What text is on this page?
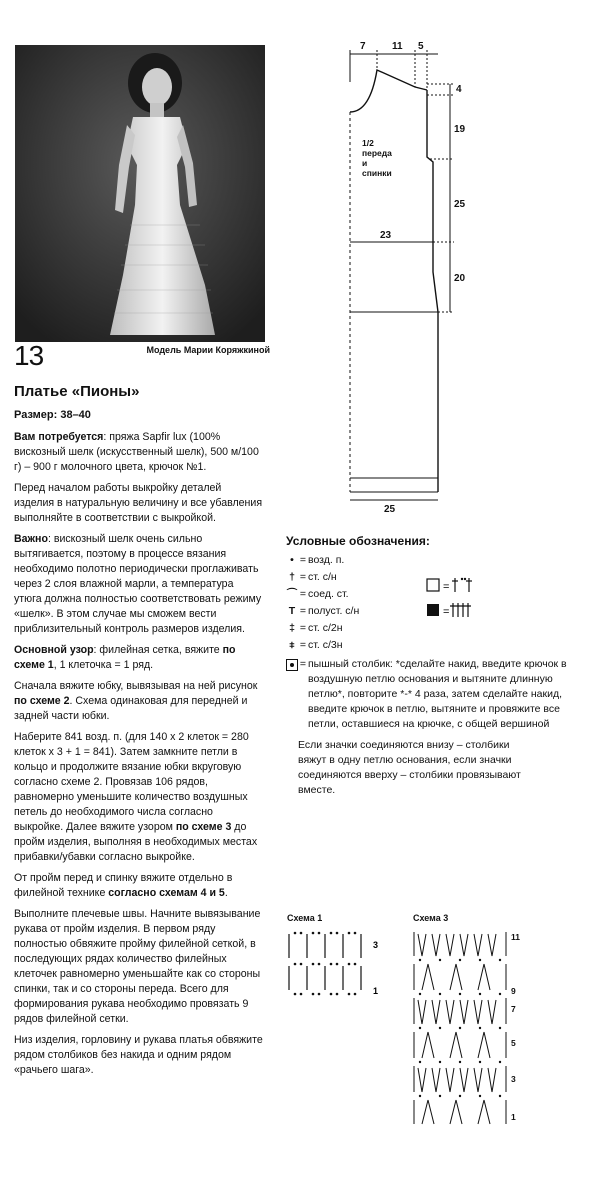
Модель Марии Коряжкиной
13
Платье «Пионы»
Размер: 38–40

Вам потребуется: пряжа Sapfir lux (100% вискозный шелк (искусственный шелк), 500 м/100 г) – 900 г молочного цвета, крючок №1.

Перед началом работы выкройку деталей изделия в натуральную величину и все убавления выполняйте в соответствии с выкройкой.

Важно: вискозный шелк очень сильно вытягивается, поэтому в процессе вязания необходимо полотно периодически проглаживать через 2 слоя влажной марли, а температура утюга должна полностью соответствовать режиму «шелк». В этом случае мы сможем вести приблизительный контроль размеров изделия.

Основной узор: филейная сетка, вяжите по схеме 1, 1 клеточка = 1 ряд.

Сначала вяжите юбку, вывязывая на ней рисунок по схеме 2. Схема одинаковая для передней и задней части юбки.

Наберите 841 возд. п. (для 140 х 2 клеток = 280 клеток х 3 + 1 = 841). Затем замкните петли в кольцо и продолжите вязание юбки вкруговую согласно схеме 2. Провязав 106 рядов, равномерно уменьшите количество воздушных петель до необходимого числа согласно выкройке. Далее вяжите узором по схеме 3 до пройм изделия, выполняя в необходимых местах прибавки/убавки согласно выкройке.

От пройм перед и спинку вяжите отдельно в филейной технике согласно схемам 4 и 5.

Выполните плечевые швы. Начните вывязывание рукава от пройм изделия. В первом ряду полностью обвяжите пройму филейной сеткой, в последующих рядах количество филейных клеточек равномерно уменьшайте как со стороны спинки, так и со стороны переда. Всего для формирования рукава необходимо провязать 9 рядов филейной сетки.

Низ изделия, горловину и рукава платья обвяжите рядом столбиков без накида и одним рядом «рачьего шага».

7	11 5
4
19
25
20
23
25
1/2
переда
и
спинки
Условные обозначения:
• = возд. п.
† = ст. с/н
⌒ = соед. ст.
T = полуст. с/н
‡ = ст. с/2н
⧧ = ст. с/3н
= пышный столбик: *сделайте накид, введите крючок в воздушную петлю основания и вытяните длинную петлю*, повторите *-* 4 раза, затем сделайте накид, введите крючок в петлю, вытяните и провяжите все петли, оставшиеся на крючке, с общей вершиной
Если значки соединяются внизу – столбики вяжут в одну петлю основания, если значки соединяются вверху – столбики провязывают вместе.
=
=
Схема 1
3
1
Схема 3
11
9
7
5
3
1
